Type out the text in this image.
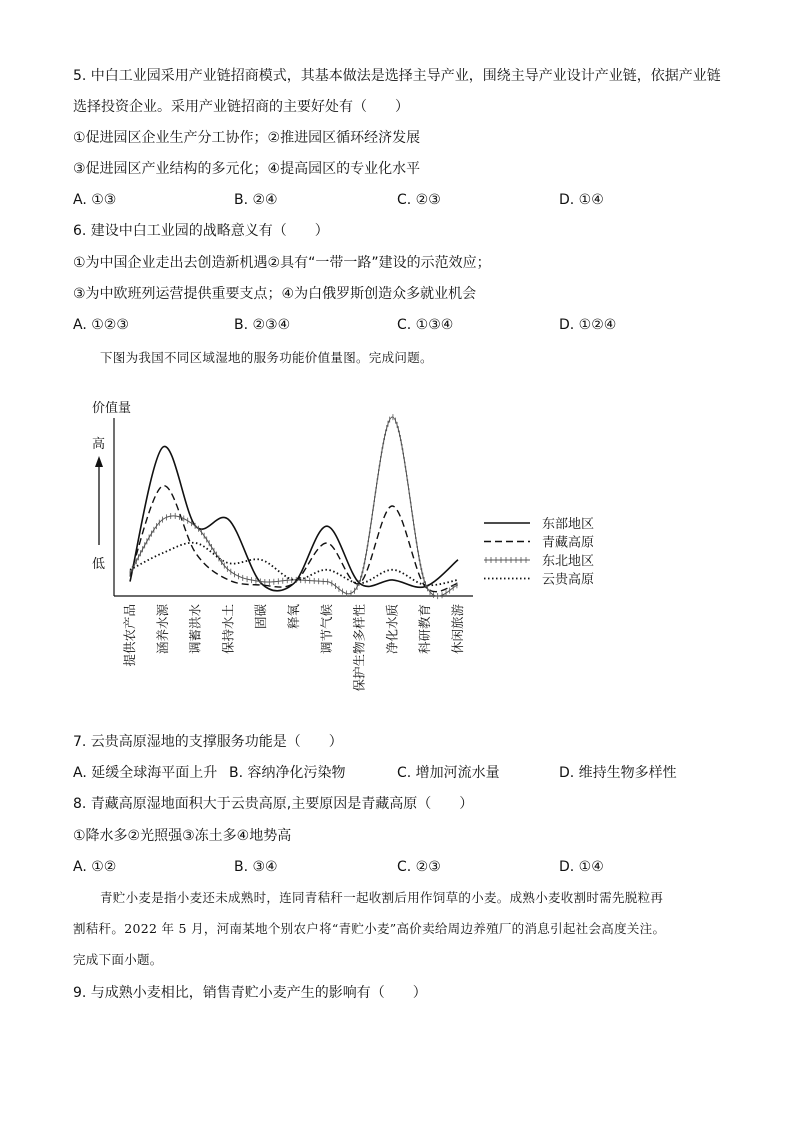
5. 中白工业园采用产业链招商模式，其基本做法是选择主导产业，围绕主导产业设计产业链，依据产业链
选择投资企业。采用产业链招商的主要好处有（　　）
①促进园区企业生产分工协作；②推进园区循环经济发展
③促进园区产业结构的多元化；④提高园区的专业化水平
A. ①③	B. ②④	C. ②③	D. ①④
6. 建设中白工业园的战略意义有（　　）
①为中国企业走出去创造新机遇②具有“一带一路”建设的示范效应；
③为中欧班列运营提供重要支点；④为白俄罗斯创造众多就业机会
A. ①②③	B. ②③④	C. ①③④	D. ①②④
下图为我国不同区域湿地的服务功能价值量图。完成问题。
价值量
高
低
提供农产品 涵养水源 调蓄洪水 保持水土 固碳 释氧 调节气候 保护生物多样性 净化水质 科研教育 休闲旅游
东部地区
青藏高原
东北地区
云贵高原
7. 云贵高原湿地的支撑服务功能是（　　）
A. 延缓全球海平面上升 B. 容纳净化污染物	C. 增加河流水量	D. 维持生物多样性
8. 青藏高原湿地面积大于云贵高原,主要原因是青藏高原（　　）
①降水多②光照强③冻土多④地势高
A. ①②	B. ③④	C. ②③	D. ①④
青贮小麦是指小麦还未成熟时，连同青秸秆一起收割后用作饲草的小麦。成熟小麦收割时需先脱粒再
割秸秆。2022 年 5 月，河南某地个别农户将“青贮小麦”高价卖给周边养殖厂的消息引起社会高度关注。
完成下面小题。
9. 与成熟小麦相比，销售青贮小麦产生的影响有（　　）
